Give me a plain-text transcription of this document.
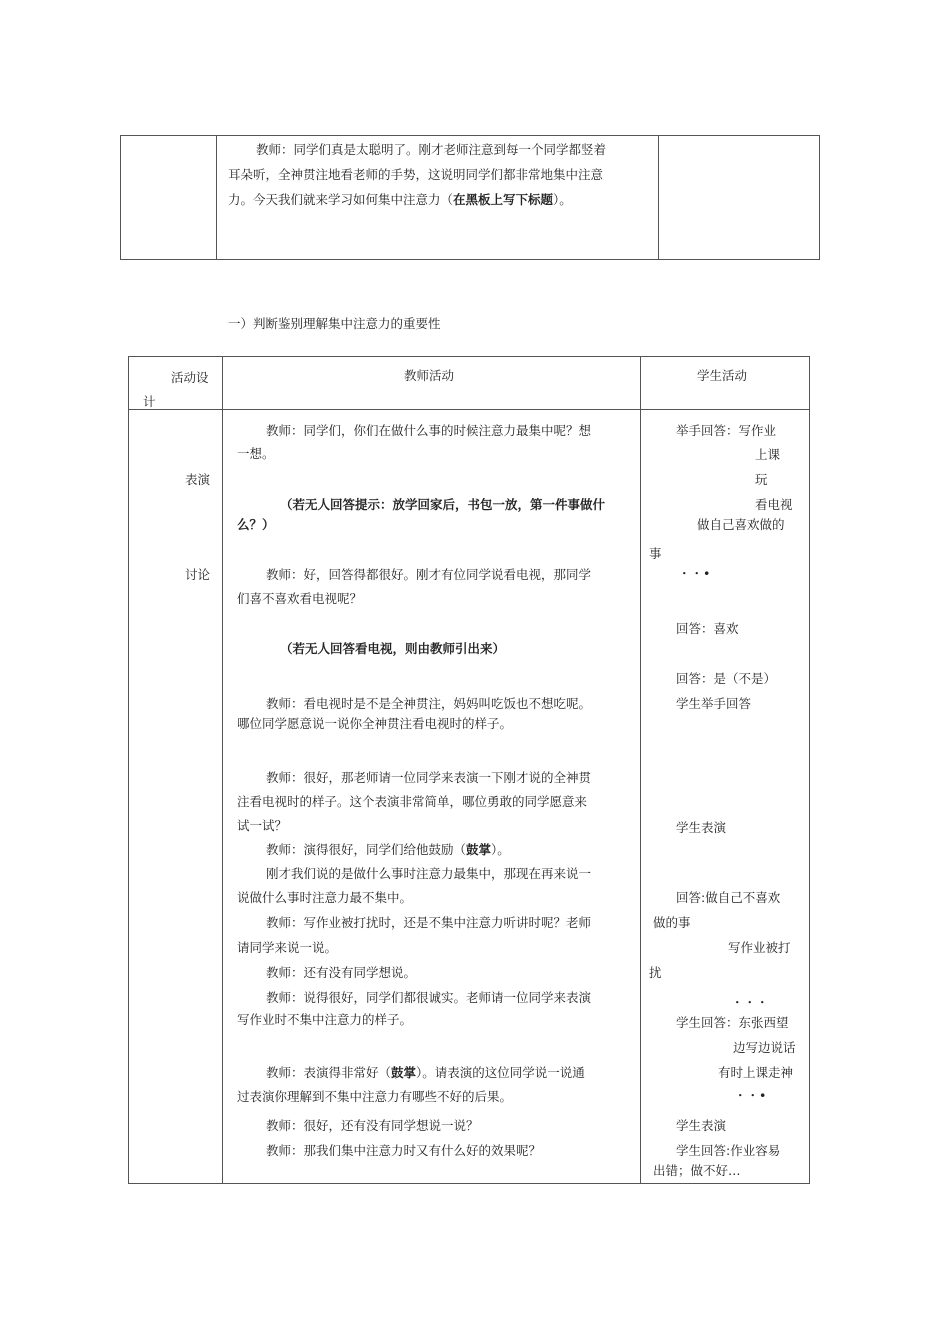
教师：同学们真是太聪明了。刚才老师注意到每一个同学都竖着
耳朵听，全神贯注地看老师的手势，这说明同学们都非常地集中注意
力。今天我们就来学习如何集中注意力（在黑板上写下标题）。
一）判断鉴别理解集中注意力的重要性
活动设
计
教师活动	学生活动
表演
讨论
教师：同学们，你们在做什么事的时候注意力最集中呢？想
一想。
（若无人回答提示：放学回家后，书包一放，第一件事做什
么？）
教师：好，回答得都很好。刚才有位同学说看电视，那同学
们喜不喜欢看电视呢？
（若无人回答看电视，则由教师引出来）
教师：看电视时是不是全神贯注，妈妈叫吃饭也不想吃呢。
哪位同学愿意说一说你全神贯注看电视时的样子。
教师：很好，那老师请一位同学来表演一下刚才说的全神贯
注看电视时的样子。这个表演非常简单，哪位勇敢的同学愿意来
试一试？
教师：演得很好，同学们给他鼓励（鼓掌）。
刚才我们说的是做什么事时注意力最集中，那现在再来说一
说做什么事时注意力最不集中。
教师：写作业被打扰时，还是不集中注意力听讲时呢？老师
请同学来说一说。
教师：还有没有同学想说。
教师：说得很好，同学们都很诚实。老师请一位同学来表演
写作业时不集中注意力的样子。
教师：表演得非常好（鼓掌）。请表演的这位同学说一说通
过表演你理解到不集中注意力有哪些不好的后果。
教师：很好，还有没有同学想说一说？
教师：那我们集中注意力时又有什么好的效果呢？
举手回答：写作业
上课
玩
看电视
做自己喜欢做的
事
・・•
回答：喜欢
回答：是（不是）
学生举手回答
学生表演
回答:做自己不喜欢
做的事
写作业被打
扰
・・・
学生回答：东张西望
边写边说话
有时上课走神
・・•
学生表演
学生回答:作业容易
出错；做不好…
